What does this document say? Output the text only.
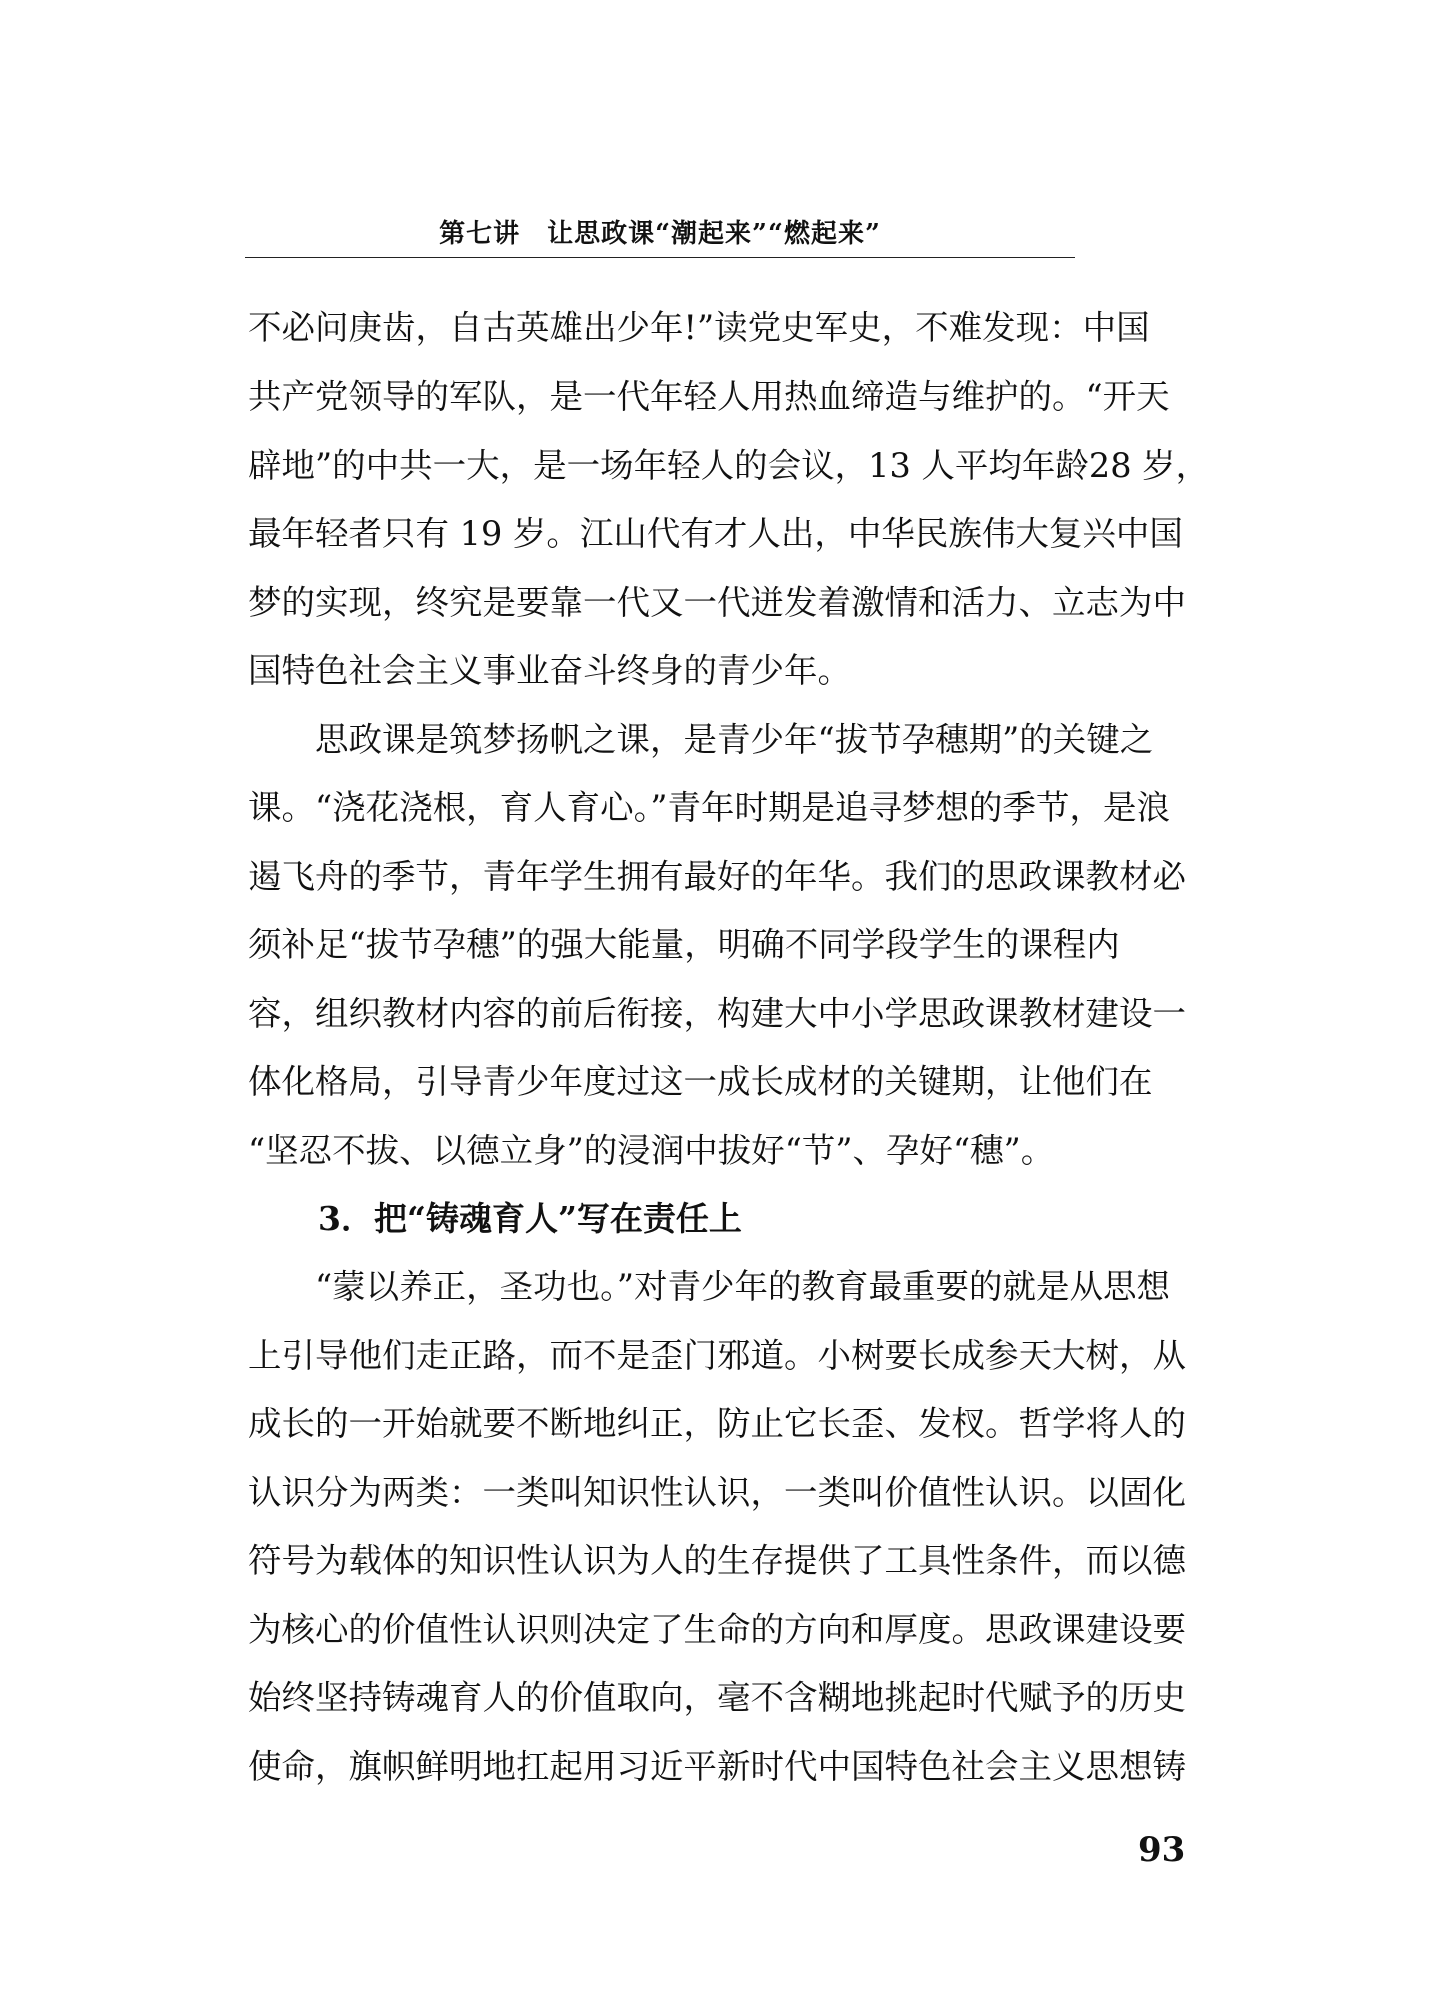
第七讲　让思政课“潮起来”“燃起来”
不必问庚齿，自古英雄出少年!”读党史军史，不难发现：中国
共产党领导的军队，是一代年轻人用热血缔造与维护的。“开天
辟地”的中共一大，是一场年轻人的会议，13 人平均年龄28 岁，
最年轻者只有 19 岁。江山代有才人出，中华民族伟大复兴中国
梦的实现，终究是要靠一代又一代迸发着激情和活力、立志为中
国特色社会主义事业奋斗终身的青少年。
　　思政课是筑梦扬帆之课，是青少年“拔节孕穗期”的关键之
课。“浇花浇根，育人育心。”青年时期是追寻梦想的季节，是浪
遏飞舟的季节，青年学生拥有最好的年华。我们的思政课教材必
须补足“拔节孕穗”的强大能量，明确不同学段学生的课程内
容，组织教材内容的前后衔接，构建大中小学思政课教材建设一
体化格局，引导青少年度过这一成长成材的关键期，让他们在
“坚忍不拔、以德立身”的浸润中拔好“节”、孕好“穗”。
3．把“铸魂育人”写在责任上
　　“蒙以养正，圣功也。”对青少年的教育最重要的就是从思想
上引导他们走正路，而不是歪门邪道。小树要长成参天大树，从
成长的一开始就要不断地纠正，防止它长歪、发杈。哲学将人的
认识分为两类：一类叫知识性认识，一类叫价值性认识。以固化
符号为载体的知识性认识为人的生存提供了工具性条件，而以德
为核心的价值性认识则决定了生命的方向和厚度。思政课建设要
始终坚持铸魂育人的价值取向，毫不含糊地挑起时代赋予的历史
使命，旗帜鲜明地扛起用习近平新时代中国特色社会主义思想铸
93
